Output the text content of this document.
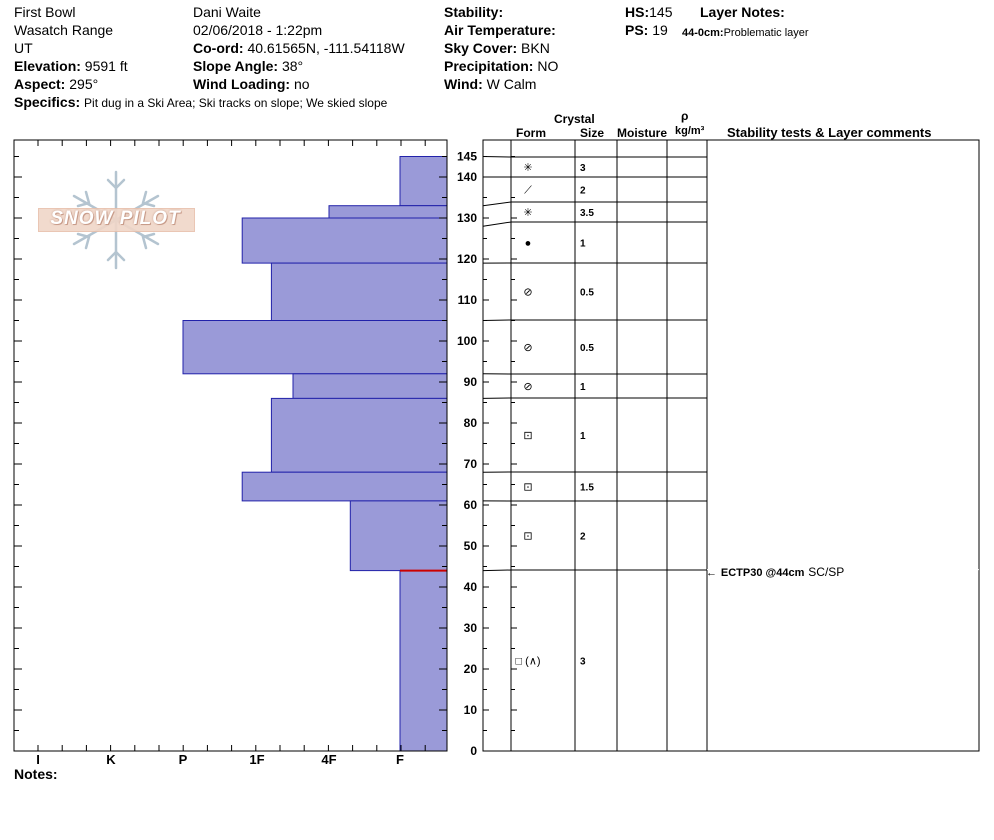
First Bowl
Wasatch Range
UT
Elevation: 9591 ft
Aspect: 295°
Specifics: Pit dug in a Ski Area; Ski tracks on slope; We skied slope
Dani Waite
02/06/2018 - 1:22pm
Co-ord: 40.61565N, -111.54118W
Slope Angle: 38°
Wind Loading: no
Stability:
Air Temperature:
Sky Cover: BKN
Precipitation: NO
Wind: W Calm
HS:145
PS: 19
Layer Notes:
44-0cm:Problematic layer
SNOW PILOT
Crystal
Form	Size Moisture
ρ
kg/m³ Stability tests & Layer comments
✳	3
⟋	2
✳	3.5
●	1
⊘	0.5
⊘	0.5
⊘	1
⊡	1
⊡	1.5
⊡	2
□ (∧)	3
0
10
20
30
40
50
60
70
80
90
100
110
120
130
140
145
I	K	P	1F	4F	F
← ECTP30 @44cm SC/SP
Notes:
